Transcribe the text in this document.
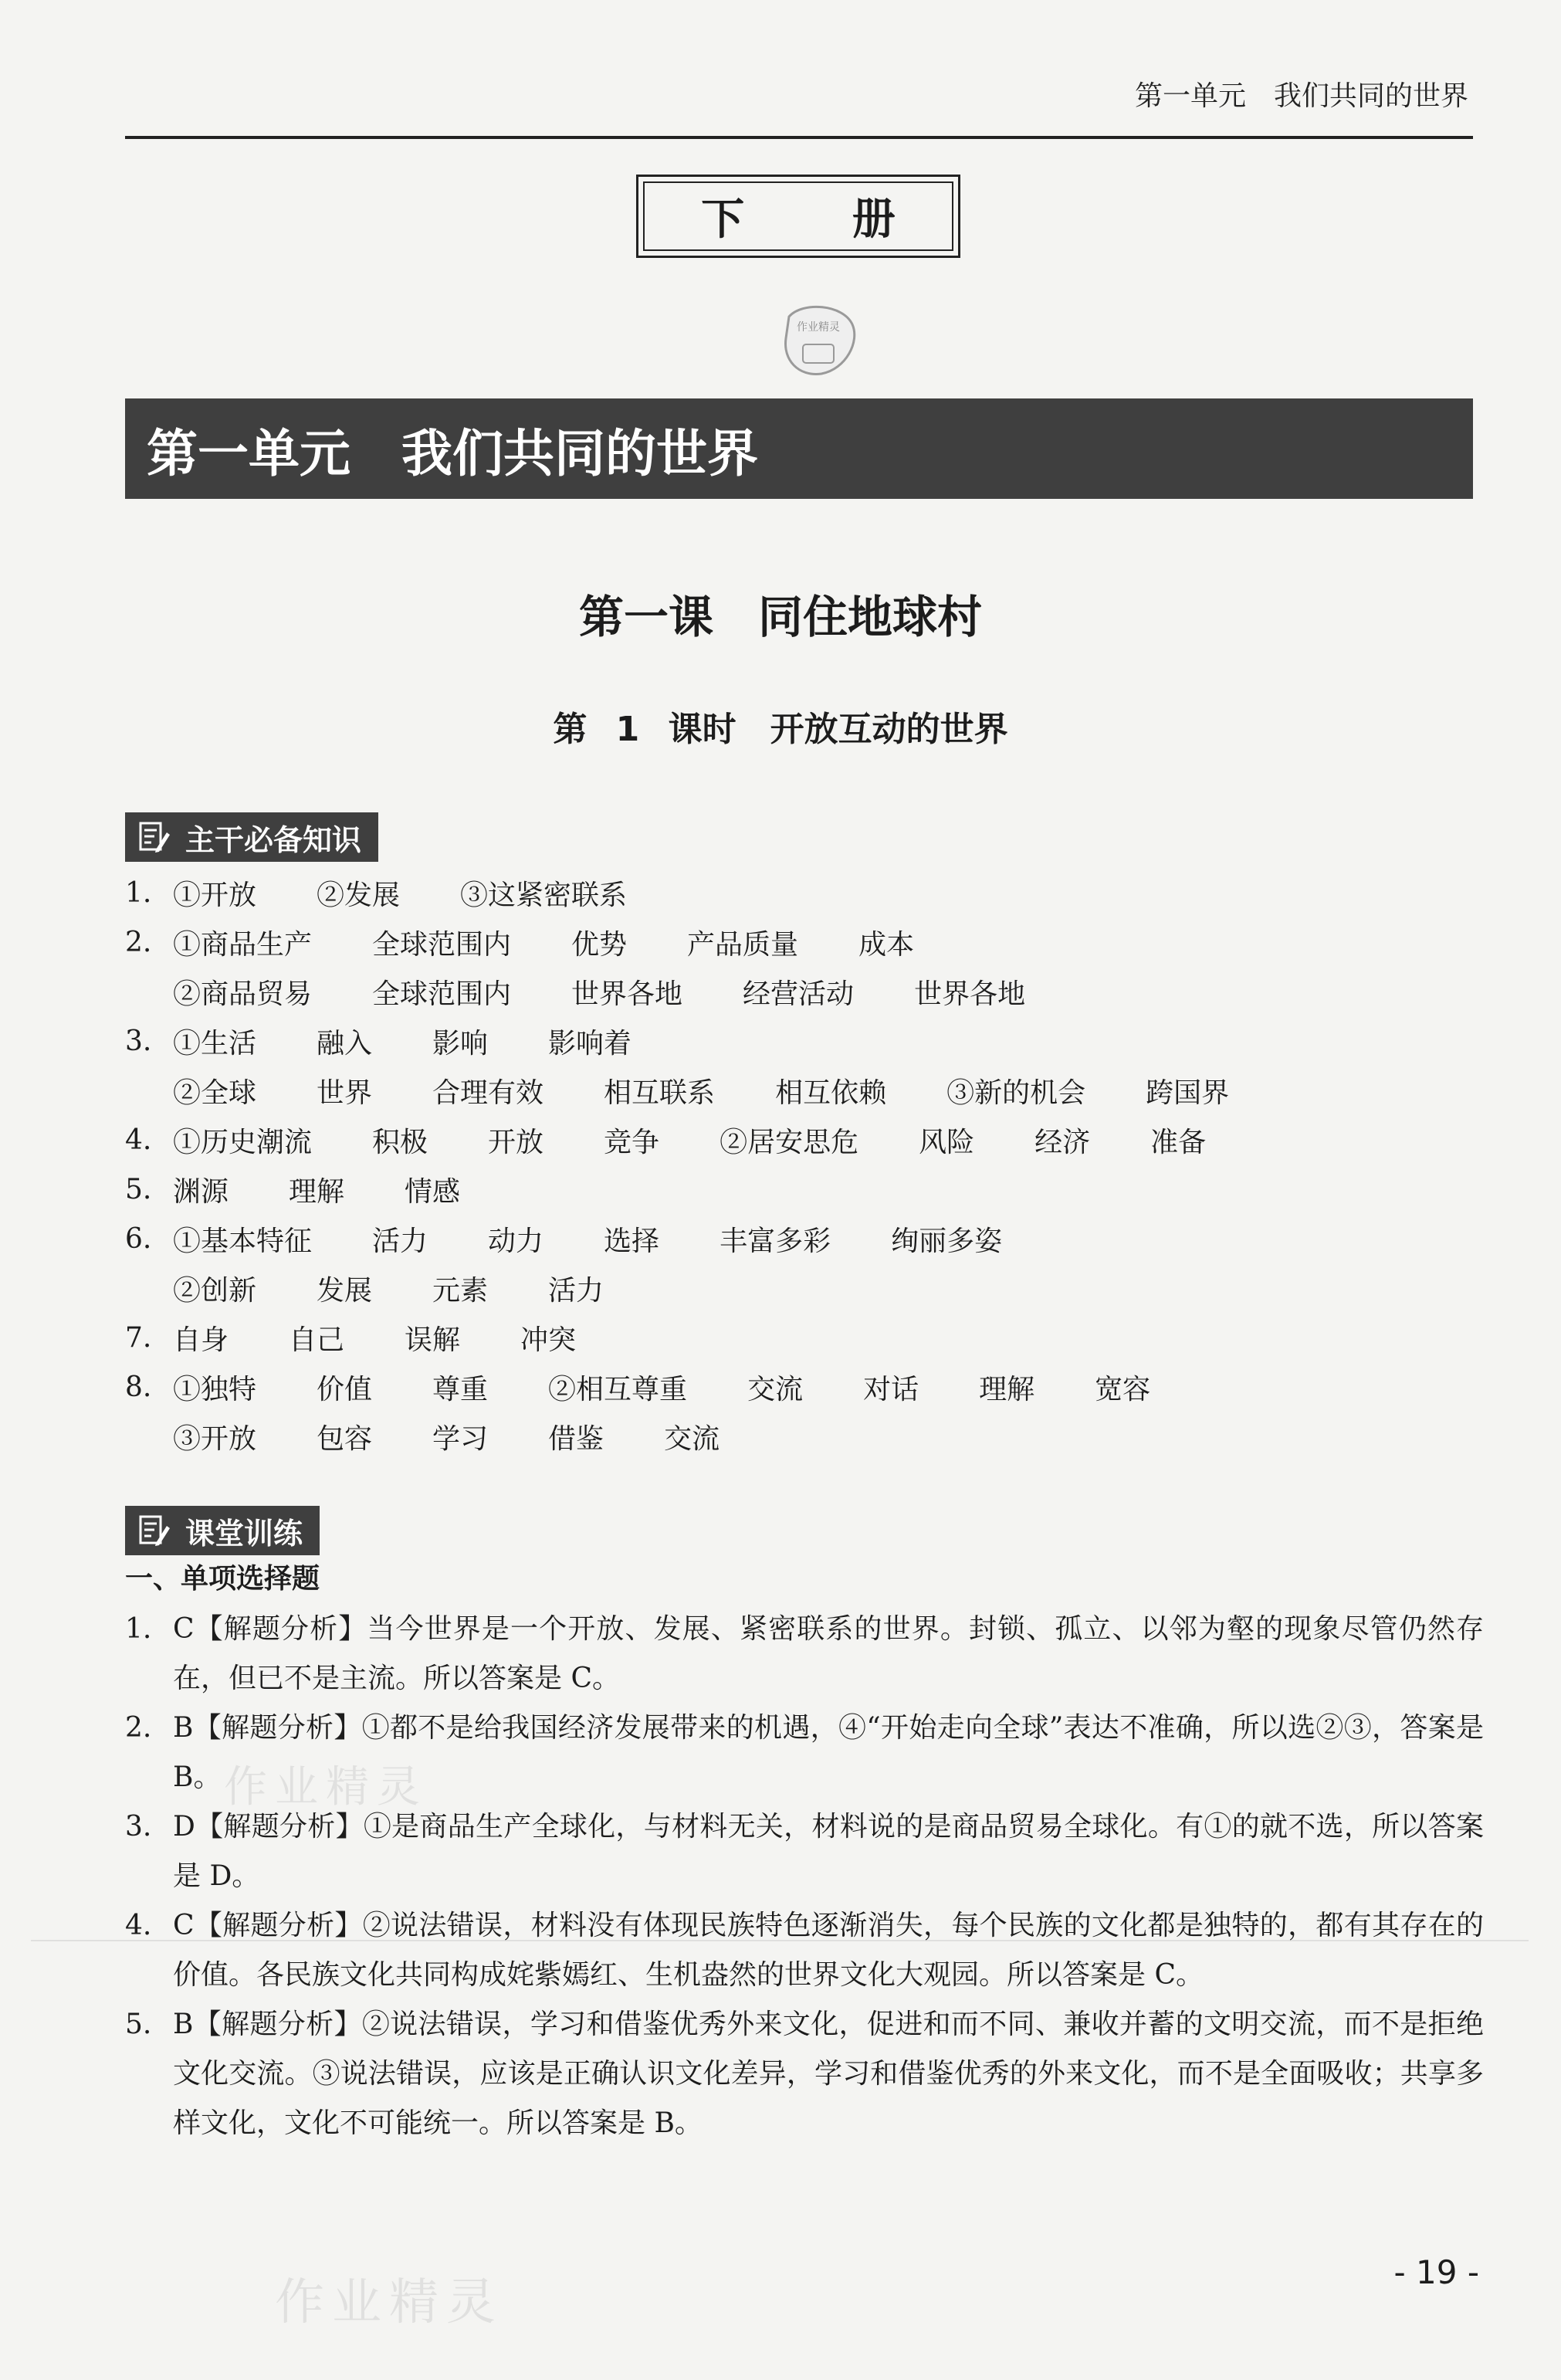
第一单元　我们共同的世界
下 册
作业精灵
第一单元　我们共同的世界
第一课　同住地球村
第 1 课时　开放互动的世界
主干必备知识
1. ①开放 ②发展 ③这紧密联系
2. ①商品生产 全球范围内 优势 产品质量 成本
②商品贸易 全球范围内 世界各地 经营活动 世界各地
3. ①生活 融入 影响 影响着
②全球 世界 合理有效 相互联系 相互依赖 ③新的机会 跨国界
4. ①历史潮流 积极 开放 竞争 ②居安思危 风险 经济 准备
5. 渊源 理解 情感
6. ①基本特征 活力 动力 选择 丰富多彩 绚丽多姿
②创新 发展 元素 活力
7. 自身 自己 误解 冲突
8. ①独特 价值 尊重 ②相互尊重 交流 对话 理解 宽容
③开放 包容 学习 借鉴 交流
课堂训练
一、单项选择题
1. C【解题分析】当今世界是一个开放、发展、紧密联系的世界。封锁、孤立、以邻为壑的现象尽管仍然存在，但已不是主流。所以答案是 C。
2. B【解题分析】①都不是给我国经济发展带来的机遇，④“开始走向全球”表达不准确，所以选②③，答案是 B。
3. D【解题分析】①是商品生产全球化，与材料无关，材料说的是商品贸易全球化。有①的就不选，所以答案是 D。
4. C【解题分析】②说法错误，材料没有体现民族特色逐渐消失，每个民族的文化都是独特的，都有其存在的价值。各民族文化共同构成姹紫嫣红、生机盎然的世界文化大观园。所以答案是 C。
5. B【解题分析】②说法错误，学习和借鉴优秀外来文化，促进和而不同、兼收并蓄的文明交流，而不是拒绝文化交流。③说法错误，应该是正确认识文化差异，学习和借鉴优秀的外来文化，而不是全面吸收；共享多样文化，文化不可能统一。所以答案是 B。
作业精灵
作业精灵
- 19 -
